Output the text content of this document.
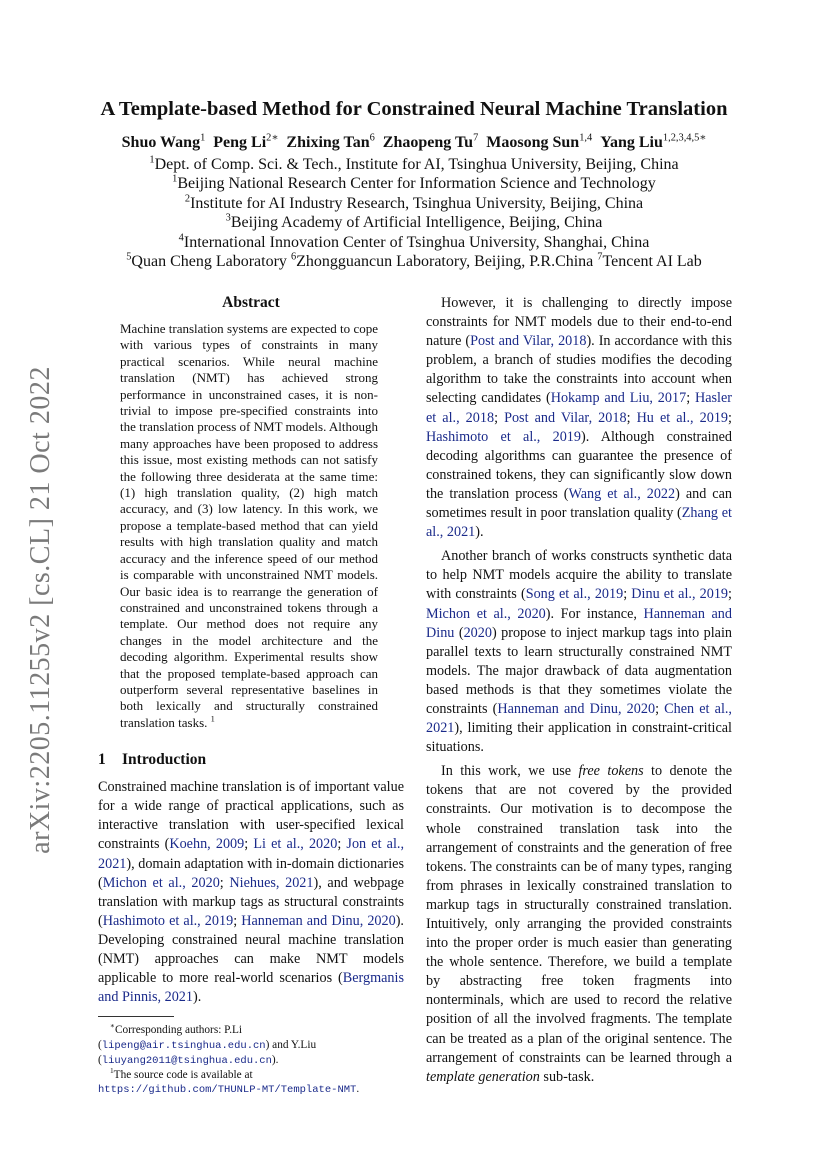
arXiv:2205.11255v2 [cs.CL] 21 Oct 2022
A Template-based Method for Constrained Neural Machine Translation
Shuo Wang$^1$ Peng $Li^{2∗}$ Zhixing Tan$^6$ Zhaopeng Tu$^7$ Maosong Sun$^{1,4}$ Yang Liu$^{1,2,3,4,5∗}$
$^1$Dept. of Comp. Sci. & Tech., Institute for AI, Tsinghua University, Beijing, China
$^1$Beijing National Research Center for Information Science and Technology
$^2$Institute for AI Industry Research, Tsinghua University, Beijing, China
$^3$Beijing Academy of Artificial Intelligence, Beijing, China
$^4$International Innovation Center of Tsinghua University, Shanghai, China
$^5$Quan Cheng Laboratory $^6$Zhongguancun Laboratory, Beijing, P.R.China $^7$Tencent AI Lab
Abstract
Machine translation systems are expected to cope with various types of constraints in many practical scenarios. While neural machine translation (NMT) has achieved strong performance in unconstrained cases, it is non-trivial to impose pre-specified constraints into the translation process of NMT models. Although many approaches have been proposed to address this issue, most existing methods can not satisfy the following three desiderata at the same time: (1) high translation quality, (2) high match accuracy, and (3) low latency. In this work, we propose a template-based method that can yield results with high translation quality and match accuracy and the inference speed of our method is comparable with unconstrained NMT models. Our basic idea is to rearrange the generation of constrained and unconstrained tokens through a template. Our method does not require any changes in the model architecture and the decoding algorithm. Experimental results show that the proposed template-based approach can outperform several representative baselines in both lexically and structurally constrained translation tasks. $^1$
1 Introduction

Constrained machine translation is of important value for a wide range of practical applications, such as interactive translation with user-specified lexical constraints (Koehn, 2009; Li et al., 2020; Jon et al., 2021), domain adaptation with in-domain dictionaries (Michon et al., 2020; Niehues, 2021), and webpage translation with markup tags as structural constraints (Hashimoto et al., 2019; Hanneman and Dinu, 2020). Developing constrained neural machine translation (NMT) approaches can make NMT models applicable to more real-world scenarios (Bergmanis and Pinnis, 2021).

∗Corresponding authors: P.Li (lipeng@air.tsinghua.edu.cn) and Y.Liu (liuyang2011@tsinghua.edu.cn).

$^1$The source code is available at https://github.com/THUNLP-MT/Template-NMT.

However, it is challenging to directly impose constraints for NMT models due to their end-to-end nature (Post and Vilar, 2018). In accordance with this problem, a branch of studies modifies the decoding algorithm to take the constraints into account when selecting candidates (Hokamp and Liu, 2017; Hasler et al., 2018; Post and Vilar, 2018; Hu et al., 2019; Hashimoto et al., 2019). Although constrained decoding algorithms can guarantee the presence of constrained tokens, they can significantly slow down the translation process (Wang et al., 2022) and can sometimes result in poor translation quality (Zhang et al., 2021).

Another branch of works constructs synthetic data to help NMT models acquire the ability to translate with constraints (Song et al., 2019; Dinu et al., 2019; Michon et al., 2020). For instance, Hanneman and Dinu (2020) propose to inject markup tags into plain parallel texts to learn structurally constrained NMT models. The major drawback of data augmentation based methods is that they sometimes violate the constraints (Hanneman and Dinu, 2020; Chen et al., 2021), limiting their application in constraint-critical situations.

In this work, we use free tokens to denote the tokens that are not covered by the provided constraints. Our motivation is to decompose the whole constrained translation task into the arrangement of constraints and the generation of free tokens. The constraints can be of many types, ranging from phrases in lexically constrained translation to markup tags in structurally constrained translation. Intuitively, only arranging the provided constraints into the proper order is much easier than generating the whole sentence. Therefore, we build a template by abstracting free token fragments into nonterminals, which are used to record the relative position of all the involved fragments. The template can be treated as a plan of the original sentence. The arrangement of constraints can be learned through a template generation sub-task.
